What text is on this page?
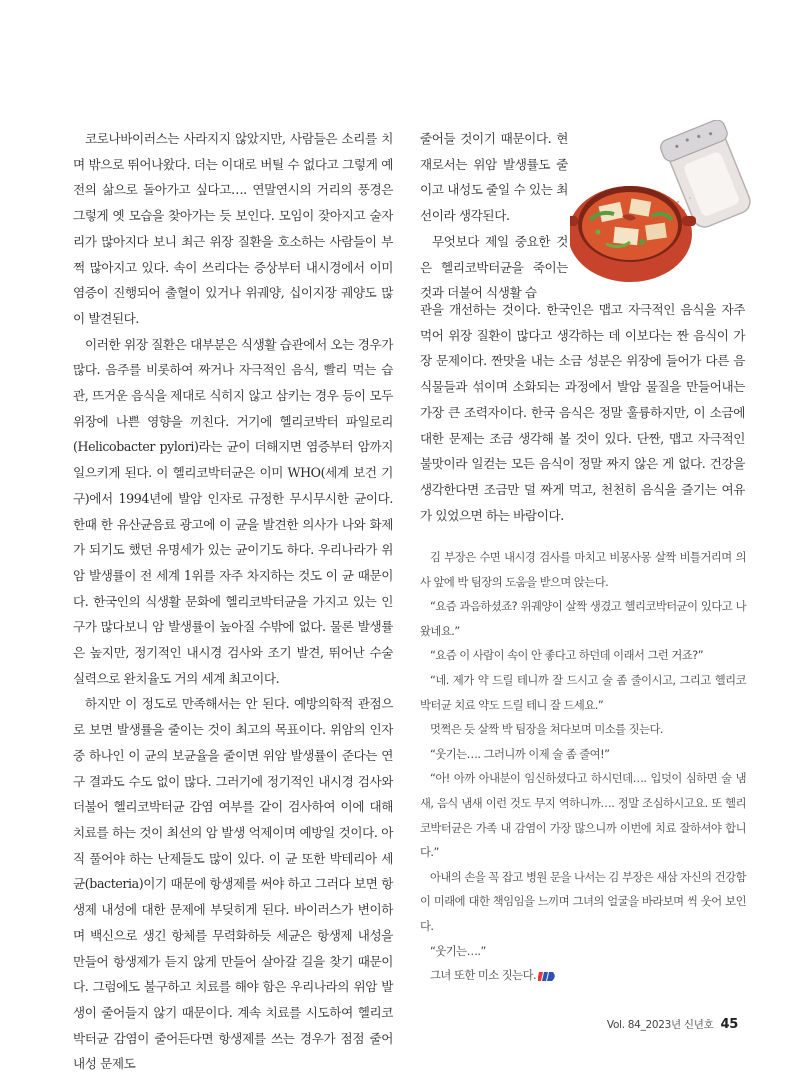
코로나바이러스는 사라지지 않았지만, 사람들은 소리를 치며 밖으로 뛰어나왔다. 더는 이대로 버틸 수 없다고 그렇게 예전의 삶으로 돌아가고 싶다고…. 연말연시의 거리의 풍경은 그렇게 옛 모습을 찾아가는 듯 보인다. 모임이 잦아지고 술자리가 많아지다 보니 최근 위장 질환을 호소하는 사람들이 부쩍 많아지고 있다. 속이 쓰리다는 증상부터 내시경에서 이미 염증이 진행되어 출혈이 있거나 위궤양, 십이지장 궤양도 많이 발견된다.

이러한 위장 질환은 대부분은 식생활 습관에서 오는 경우가 많다. 음주를 비롯하여 짜거나 자극적인 음식, 빨리 먹는 습관, 뜨거운 음식을 제대로 식히지 않고 삼키는 경우 등이 모두 위장에 나쁜 영향을 끼친다. 거기에 헬리코박터 파일로리(Helicobacter pylori)라는 균이 더해지면 염증부터 암까지 일으키게 된다. 이 헬리코박터균은 이미 WHO(세계 보건 기구)에서 1994년에 발암 인자로 규정한 무시무시한 균이다. 한때 한 유산균음료 광고에 이 균을 발견한 의사가 나와 화제가 되기도 했던 유명세가 있는 균이기도 하다. 우리나라가 위암 발생률이 전 세계 1위를 자주 차지하는 것도 이 균 때문이다. 한국인의 식생활 문화에 헬리코박터균을 가지고 있는 인구가 많다보니 암 발생률이 높아질 수밖에 없다. 물론 발생률은 높지만, 정기적인 내시경 검사와 조기 발견, 뛰어난 수술 실력으로 완치율도 거의 세계 최고이다.

하지만 이 정도로 만족해서는 안 된다. 예방의학적 관점으로 보면 발생률을 줄이는 것이 최고의 목표이다. 위암의 인자 중 하나인 이 균의 보균율을 줄이면 위암 발생률이 준다는 연구 결과도 수도 없이 많다. 그러기에 정기적인 내시경 검사와 더불어 헬리코박터균 감염 여부를 같이 검사하여 이에 대해 치료를 하는 것이 최선의 암 발생 억제이며 예방일 것이다. 아직 풀어야 하는 난제들도 많이 있다. 이 균 또한 박테리아 세균(bacteria)이기 때문에 항생제를 써야 하고 그러다 보면 항생제 내성에 대한 문제에 부딪히게 된다. 바이러스가 변이하며 백신으로 생긴 항체를 무력화하듯 세균은 항생제 내성을 만들어 항생제가 듣지 않게 만들어 살아갈 길을 찾기 때문이다. 그럼에도 불구하고 치료를 해야 함은 우리나라의 위암 발생이 줄어들지 않기 때문이다. 계속 치료를 시도하여 헬리코박터균 감염이 줄어든다면 항생제를 쓰는 경우가 점점 줄어 내성 문제도

줄어들 것이기 때문이다. 현재로서는 위암 발생률도 줄이고 내성도 줄일 수 있는 최선이라 생각된다.

무엇보다 제일 중요한 것은 헬리코박터균을 죽이는 것과 더불어 식생활 습

관을 개선하는 것이다. 한국인은 맵고 자극적인 음식을 자주 먹어 위장 질환이 많다고 생각하는 데 이보다는 짠 음식이 가장 문제이다. 짠맛을 내는 소금 성분은 위장에 들어가 다른 음식물들과 섞이며 소화되는 과정에서 발암 물질을 만들어내는 가장 큰 조력자이다. 한국 음식은 정말 훌륭하지만, 이 소금에 대한 문제는 조금 생각해 볼 것이 있다. 단짠, 맵고 자극적인 불맛이라 일컫는 모든 음식이 정말 짜지 않은 게 없다. 건강을 생각한다면 조금만 덜 짜게 먹고, 천천히 음식을 즐기는 여유가 있었으면 하는 바람이다.

김 부장은 수면 내시경 검사를 마치고 비몽사몽 살짝 비틀거리며 의사 앞에 박 팀장의 도움을 받으며 앉는다.

“요즘 과음하셨죠? 위궤양이 살짝 생겼고 헬리코박터균이 있다고 나왔네요.”

“요즘 이 사람이 속이 안 좋다고 하던데 이래서 그런 거죠?”

“네. 제가 약 드릴 테니까 잘 드시고 술 좀 줄이시고, 그리고 헬리코박터균 치료 약도 드릴 테니 잘 드세요.”

멋쩍은 듯 살짝 박 팀장을 쳐다보며 미소를 짓는다.

“웃기는…. 그러니까 이제 술 좀 줄여!”

“아! 아까 아내분이 임신하셨다고 하시던데…. 입덧이 심하면 술 냄새, 음식 냄새 이런 것도 무지 역하니까…. 정말 조심하시고요. 또 헬리코박터균은 가족 내 감염이 가장 많으니까 이번에 치료 잘하셔야 합니다.”

아내의 손을 꼭 잡고 병원 문을 나서는 김 부장은 새삼 자신의 건강함이 미래에 대한 책임임을 느끼며 그녀의 얼굴을 바라보며 씩 웃어 보인다.

“웃기는….”

그녀 또한 미소 짓는다.

Vol. 84_2023년 신년호 45
